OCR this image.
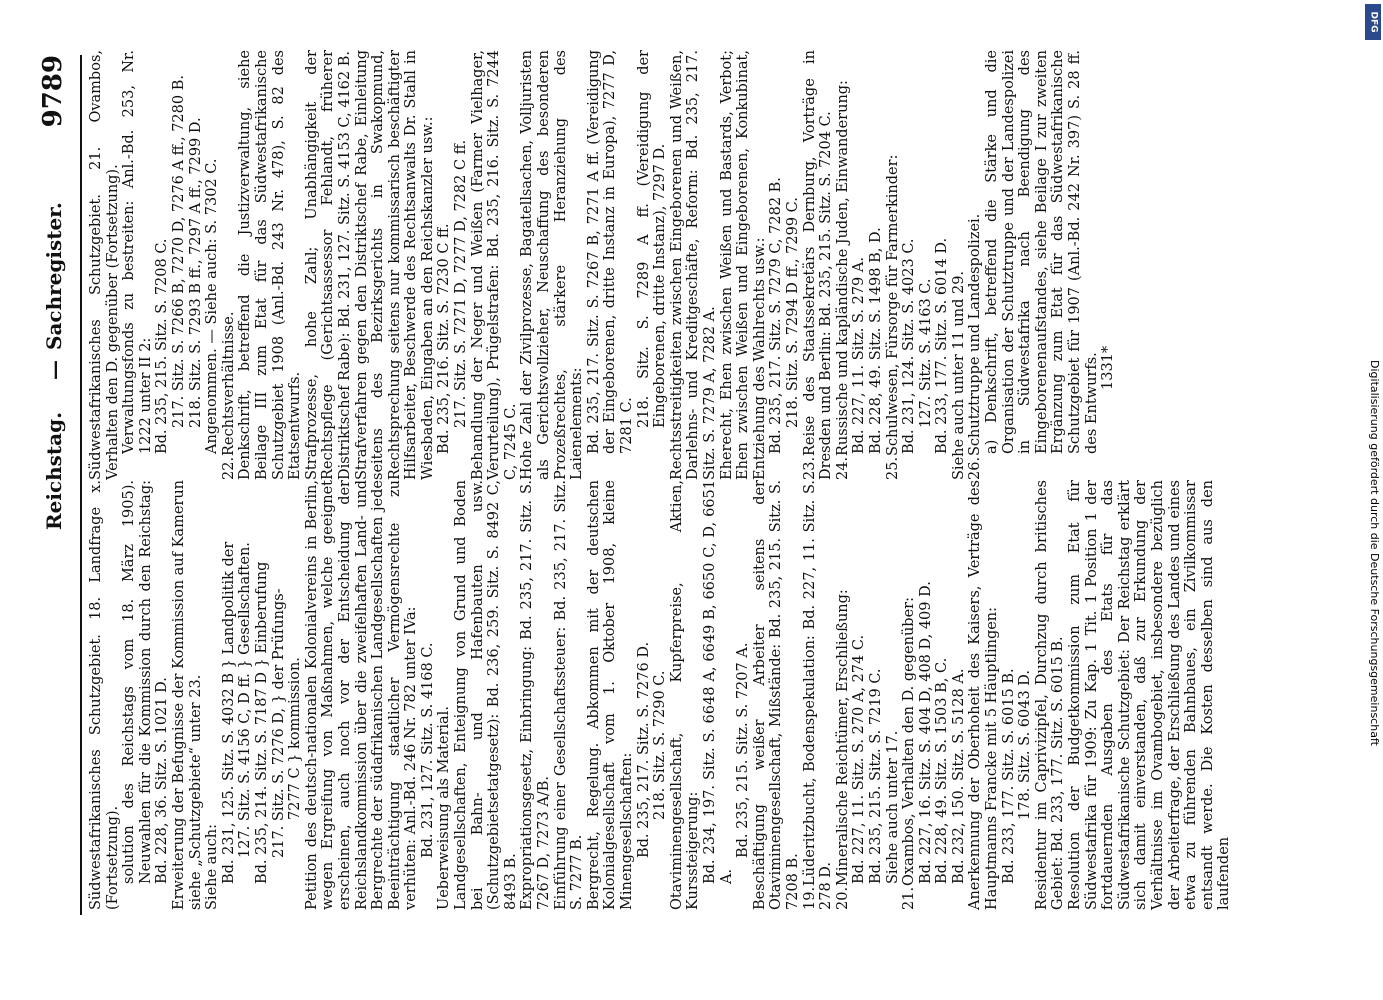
Reichstag.
—
Sachregister.
9789

Südwestafrikanisches Schutzgebiet. 18. Landfrage x. (Fortsetzung). solution des Reichstags vom 18. März 1905). Neuwahlen für die Kommission durch den Reichstag: Bd. 228, 36. Sitz. S. 1021 D. Erweiterung der Befugnisse der Kommission auf Kamerun siehe „Schutzgebiete“ unter 23. Siehe auch: Bd. 231, 125. Sitz. S. 4032 B } Landpolitik der 127. Sitz. S. 4156 C, D ff. } Gesellschaften. Bd. 235, 214. Sitz. S. 7187 D } Einberufung 217. Sitz. S. 7276 D, } der Prüfungs- 7277 C } kommission. Petition des deutsch-nationalen Kolonialvereins in Berlin, wegen Ergreifung von Maßnahmen, welche geeignet erscheinen, auch noch vor der Entscheidung der Reichslandkommission über die zweifelhaften Land- und Bergrechte der südafrikanischen Landgesellschaften jede Beeinträchtigung staatlicher Vermögensrechte zu verhüten: Anl.-Bd. 246 Nr. 782 unter IVa: Bd. 231, 127. Sitz. S. 4168 C. Ueberweisung als Material. Landgesellschaften, Enteignung von Grund und Boden bei Bahn- und Hafenbauten usw. (Schutzgebietsetatgesetz): Bd. 236, 259. Sitz. S. 8492 C, 8493 B. Expropriationsgesetz, Einbringung: Bd. 235, 217. Sitz. S. 7267 D, 7273 A/B. Einführung einer Gesellschaftssteuer: Bd. 235, 217. Sitz. S. 7277 B. Bergrecht, Regelung. Abkommen mit der deutschen Kolonialgesellschaft vom 1. Oktober 1908, kleine Minengesellschaften: Bd. 235, 217. Sitz. S. 7276 D. 218. Sitz. S. 7290 C. Otaviminengesellschaft, Kupferpreise, Aktien, Kurssteigerung: Bd. 234, 197. Sitz. S. 6648 A, 6649 B, 6650 C, D, 6651 A.

Bd. 235, 215. Sitz. S. 7207 A. Beschäftigung weißer Arbeiter seitens der Otaviminengesellschaft, Mißstände: Bd. 235, 215. Sitz. S. 7208 B. 19.Lüderitzbucht, Bodenspekulation: Bd. 227, 11. Sitz. S. 278 D. 20.Mineralische Reichtümer, Erschließung: Bd. 227, 11. Sitz. S. 270 A, 274 C. Bd. 235, 215. Sitz. S. 7219 C. Siehe auch unter 17.

21.Oxambos, Verhalten den D. gegenüber: Bd. 227, 16. Sitz. S. 404 D, 408 D, 409 D. Bd. 228, 49. Sitz. S. 1503 B, C. Bd. 232, 150. Sitz. S. 5128 A. Anerkennung der Oberhoheit des Kaisers, Verträge des Hauptmanns Francke mit 5 Häuptlingen: Bd. 233, 177. Sitz. S. 6015 B. 178. Sitz. S. 6043 D. Residentur im Caprivizipfel, Durchzug durch britisches Gebiet: Bd. 233, 177. Sitz. S. 6015 B. Resolution der Budgetkommission zum Etat für Südwestafrika für 1909: Zu Kap. 1 Tit. 1 Position 1 der fortdauernden Ausgaben des Etats für das Südwestafrikanische Schutzgebiet: Der Reichstag erklärt sich damit einverstanden, daß zur Erkundung der Verhältnisse im Ovambogebiet, insbesondere bezüglich der Arbeiterfrage, der Erschließung des Landes und eines etwa zu führenden Bahnbaues, ein Zivilkommissar entsandt werde. Die Kosten desselben sind aus den laufenden

Südwestafrikanisches Schutzgebiet. 21. Ovambos, Verhalten den D. gegenüber (Fortsetzung). Verwaltungsfonds zu bestreiten: Anl.-Bd. 253, Nr. 1222 unter II 2: Bd. 235, 215. Sitz. S. 7208 C. 217. Sitz. S. 7266 B, 7270 D, 7276 A ff., 7280 B. 218. Sitz. S. 7293 B ff., 7297 A ff., 7299 D. Angenommen. — Siehe auch: S. 7302 C.

22.Rechtsverhältnisse. Denkschrift, betreffend die Justizverwaltung, siehe Beilage III zum Etat für das Südwestafrikanische Schutzgebiet 1908 (Anl.-Bd. 243 Nr. 478), S. 82 des Etatsentwurfs. Strafprozesse, hohe Zahl; Unabhängigkeit der Rechtspflege (Gerichtsassessor Fehlandt, früherer Distriktschef Rabe): Bd. 231, 127. Sitz. S. 4153 C, 4162 B. Strafverfahren gegen den Distriktschef Rabe, Einleitung seitens des Bezirksgerichts in Swakopmund, Rechtsprechung seitens nur kommissarisch beschäftigter Hilfsarbeiter, Beschwerde des Rechtsanwalts Dr. Stahl in Wiesbaden, Eingaben an den Reichskanzler usw.: Bd. 235, 216. Sitz. S. 7230 C ff. 217. Sitz. S. 7271 D, 7277 D, 7282 C ff. Behandlung der Neger und Weißen (Farmer Vielhager, Verurteilung), Prügelstrafen: Bd. 235, 216. Sitz. S. 7244 C, 7245 C. Hohe Zahl der Zivilprozesse, Bagatellsachen, Volljuristen als Gerichtsvollzieher, Neuschaffung des besonderen Prozeßrechtes, stärkere Heranziehung des Laienelements: Bd. 235, 217. Sitz. S. 7267 B, 7271 A ff. (Vereidigung der Eingeborenen, dritte Instanz in Europa), 7277 D, 7281 C. 218. Sitz. S. 7289 A ff. (Vereidigung der Eingeborenen, dritte Instanz), 7297 D. Rechtsstreitigkeiten zwischen Eingeborenen und Weißen, Darlehns- und Kreditgeschäfte, Reform: Bd. 235, 217. Sitz. S. 7279 A, 7282 A. Eherecht, Ehen zwischen Weißen und Bastards, Verbot; Ehen zwischen Weißen und Eingeborenen, Konkubinat, Entziehung des Wahlrechts usw.: Bd. 235, 217. Sitz. S. 7279 C, 7282 B. 218. Sitz. S. 7294 D ff., 7299 C.

23.Reise des Staatssekretärs Dernburg, Vorträge in Dresden und Berlin: Bd. 235, 215. Sitz. S. 7204 C. 24.Russische und kapländische Juden, Einwanderung: Bd. 227, 11. Sitz. S. 279 A. Bd. 228, 49. Sitz. S. 1498 B, D.

25.Schulwesen, Fürsorge für Farmerkinder: Bd. 231, 124. Sitz. S. 4023 C. 127. Sitz. S. 4163 C. Bd. 233, 177. Sitz. S. 6014 D. Siehe auch unter 11 und 29. 26.Schutztruppe und Landespolizei. a) Denkschrift, betreffend die Stärke und die Organisation der Schutztruppe und der Landespolizei in Südwestafrika nach Beendigung des Eingeborenenaufstandes, siehe Beilage I zur zweiten Ergänzung zum Etat für das Südwestafrikanische Schutzgebiet für 1907 (Anl.-Bd. 242 Nr. 397) S. 28 ff. des Entwurfs. 1331*

DFG
Digitalisierung gefördert durch die Deutsche Forschungsgemeinschaft
